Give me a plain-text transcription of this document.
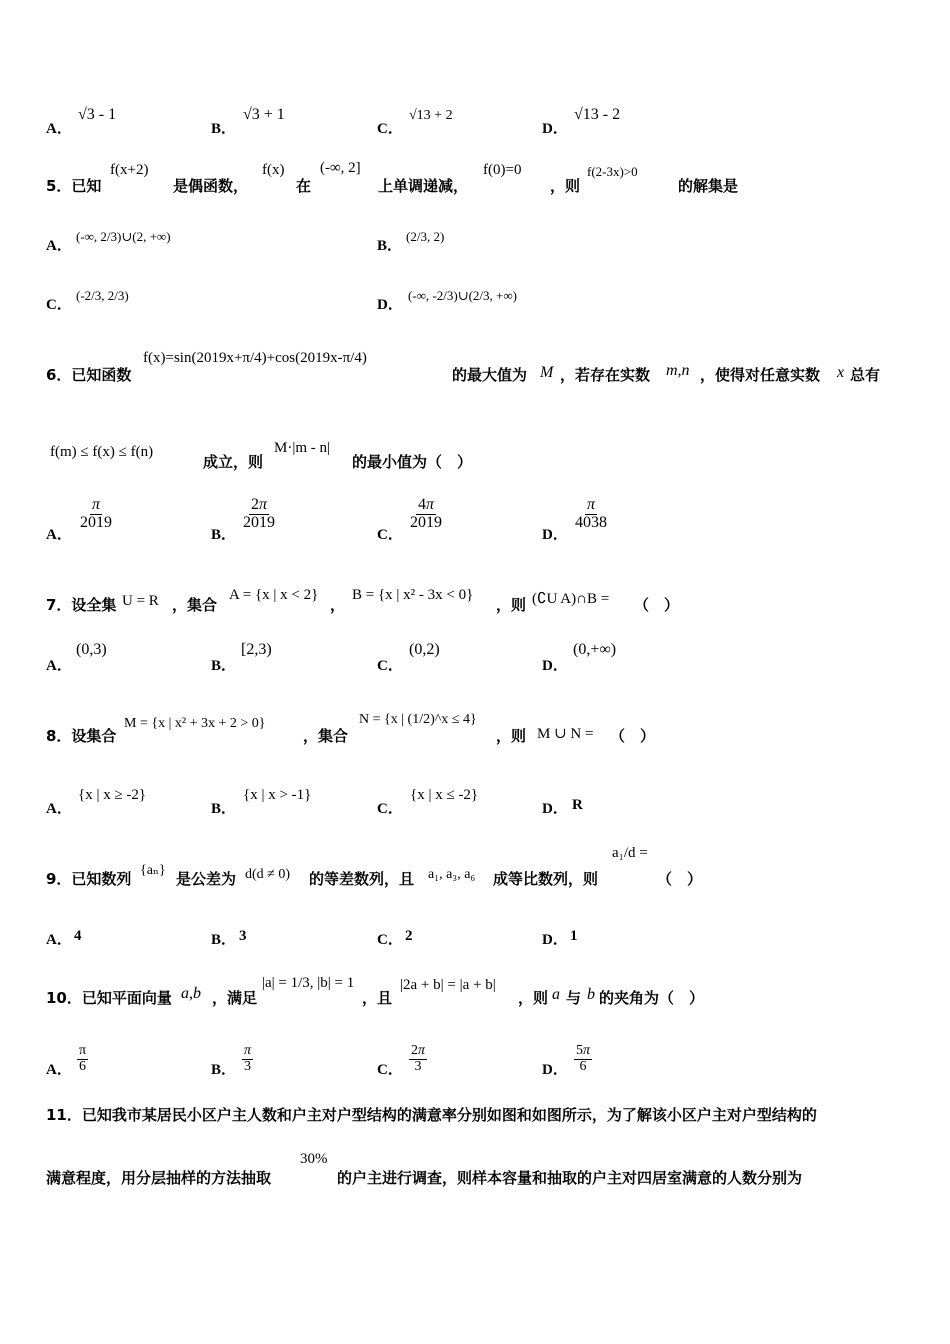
A．
√3 - 1
B．
√3 + 1
C．
√13 + 2
D．
√13 - 2
5．已知
f(x+2)
是偶函数，
f(x)
在
(-∞, 2]
上单调递减，
f(0)=0
，则
f(2-3x)>0
的解集是
A．
(-∞, 2/3)∪(2, +∞)
B．
(2/3, 2)
C．
(-2/3, 2/3)
D．
(-∞, -2/3)∪(2/3, +∞)
6．已知函数
f(x)=sin(2019x+π/4)+cos(2019x-π/4)
的最大值为 M ，若存在实数 m,n ，使得对任意实数 x 总有
f(m) ≤ f(x) ≤ f(n)
成立，则
M·|m - n|
的最小值为（　）
A．
$\frac{\pi}{2019}$
B．
$\frac{2\pi}{2019}$
C．
$\frac{4\pi}{2019}$
D．
$\frac{\pi}{4038}$
7．设全集 U = R ，集合
A = {x | x < 2}
，
B = {x | x² - 3x < 0}
，则 (∁U A)∩B = （　）
A．
(0,3)
B．
[2,3)
C．
(0,2)
D．
(0,+∞)
8．设集合
M = {x | x² + 3x + 2 > 0}
，集合
N = {x | (1/2)^x ≤ 4}
，则 M ∪ N = （　）
A．
{x | x ≥ -2}
B．
{x | x > -1}
C．
{x | x ≤ -2}
D． R
9．已知数列 {aₙ} 是公差为 d(d ≠ 0) 的等差数列，且 a₁, a₃, a₆ 成等比数列，则
a₁/d =
（　）
A． 4	B． 3	C． 2	D． 1
10．已知平面向量 a,b ，满足
|a| = 1/3, |b| = 1
，且
|2a + b| = |a + b|
，则 a 与 b 的夹角为（　）
A． $\frac{\pi}{6}$	B． $\frac{\pi}{3}$	C． $\frac{2\pi}{3}$	D． $\frac{5\pi}{6}$
11．已知我市某居民小区户主人数和户主对户型结构的满意率分别如图和如图所示，为了解该小区户主对户型结构的
满意程度，用分层抽样的方法抽取
30%
的户主进行调查，则样本容量和抽取的户主对四居室满意的人数分别为
